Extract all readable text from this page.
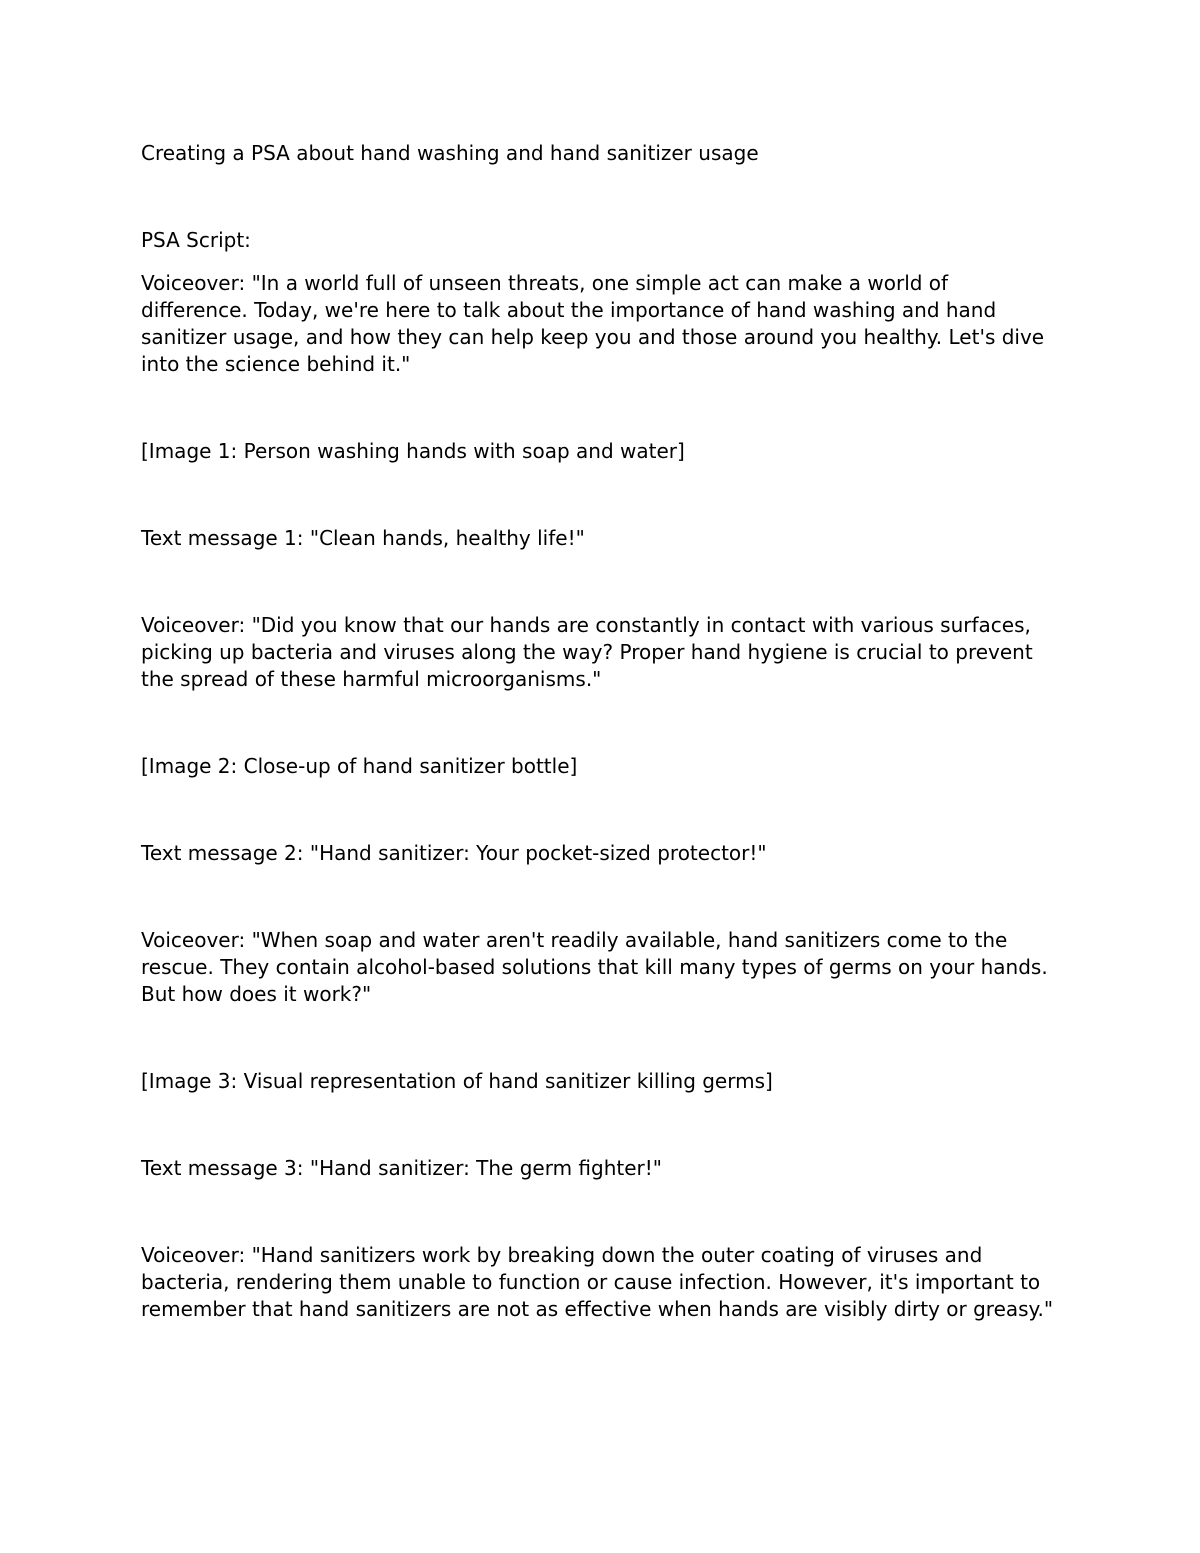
Creating a PSA about hand washing and hand sanitizer usage

PSA Script:

Voiceover: "In a world full of unseen threats, one simple act can make a world of difference. Today, we're here to talk about the importance of hand washing and hand sanitizer usage, and how they can help keep you and those around you healthy. Let's dive into the science behind it."

[Image 1: Person washing hands with soap and water]

Text message 1: "Clean hands, healthy life!"

Voiceover: "Did you know that our hands are constantly in contact with various surfaces, picking up bacteria and viruses along the way? Proper hand hygiene is crucial to prevent the spread of these harmful microorganisms."

[Image 2: Close-up of hand sanitizer bottle]

Text message 2: "Hand sanitizer: Your pocket-sized protector!"

Voiceover: "When soap and water aren't readily available, hand sanitizers come to the rescue. They contain alcohol-based solutions that kill many types of germs on your hands. But how does it work?"

[Image 3: Visual representation of hand sanitizer killing germs]

Text message 3: "Hand sanitizer: The germ fighter!"

Voiceover: "Hand sanitizers work by breaking down the outer coating of viruses and bacteria, rendering them unable to function or cause infection. However, it's important to remember that hand sanitizers are not as effective when hands are visibly dirty or greasy."
